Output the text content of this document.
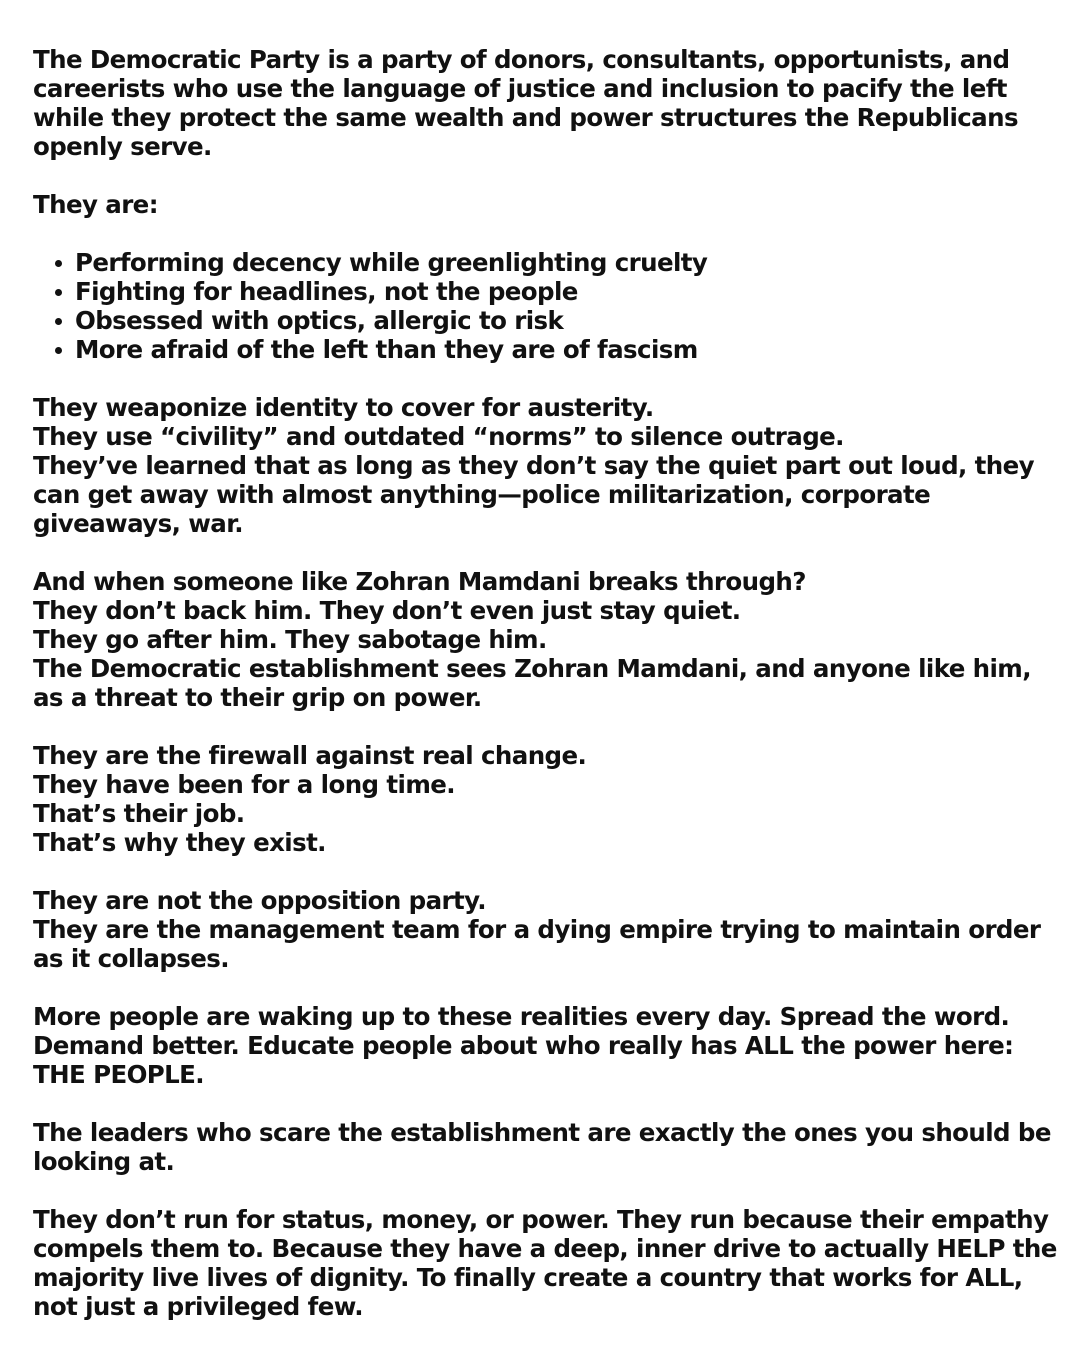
The Democratic Party is a party of donors, consultants, opportunists, and
careerists who use the language of justice and inclusion to pacify the left
while they protect the same wealth and power structures the Republicans
openly serve.

They are:

Performing decency while greenlighting cruelty
Fighting for headlines, not the people
Obsessed with optics, allergic to risk
More afraid of the left than they are of fascism

They weaponize identity to cover for austerity.
They use “civility” and outdated “norms” to silence outrage.
They’ve learned that as long as they don’t say the quiet part out loud, they
can get away with almost anything—police militarization, corporate
giveaways, war.

And when someone like Zohran Mamdani breaks through?
They don’t back him. They don’t even just stay quiet.
They go after him. They sabotage him.
The Democratic establishment sees Zohran Mamdani, and anyone like him,
as a threat to their grip on power.

They are the firewall against real change.
They have been for a long time.
That’s their job.
That’s why they exist.

They are not the opposition party.
They are the management team for a dying empire trying to maintain order
as it collapses.

More people are waking up to these realities every day. Spread the word.
Demand better. Educate people about who really has ALL the power here:
THE PEOPLE.

The leaders who scare the establishment are exactly the ones you should be
looking at.

They don’t run for status, money, or power. They run because their empathy
compels them to. Because they have a deep, inner drive to actually HELP the
majority live lives of dignity. To finally create a country that works for ALL,
not just a privileged few.
